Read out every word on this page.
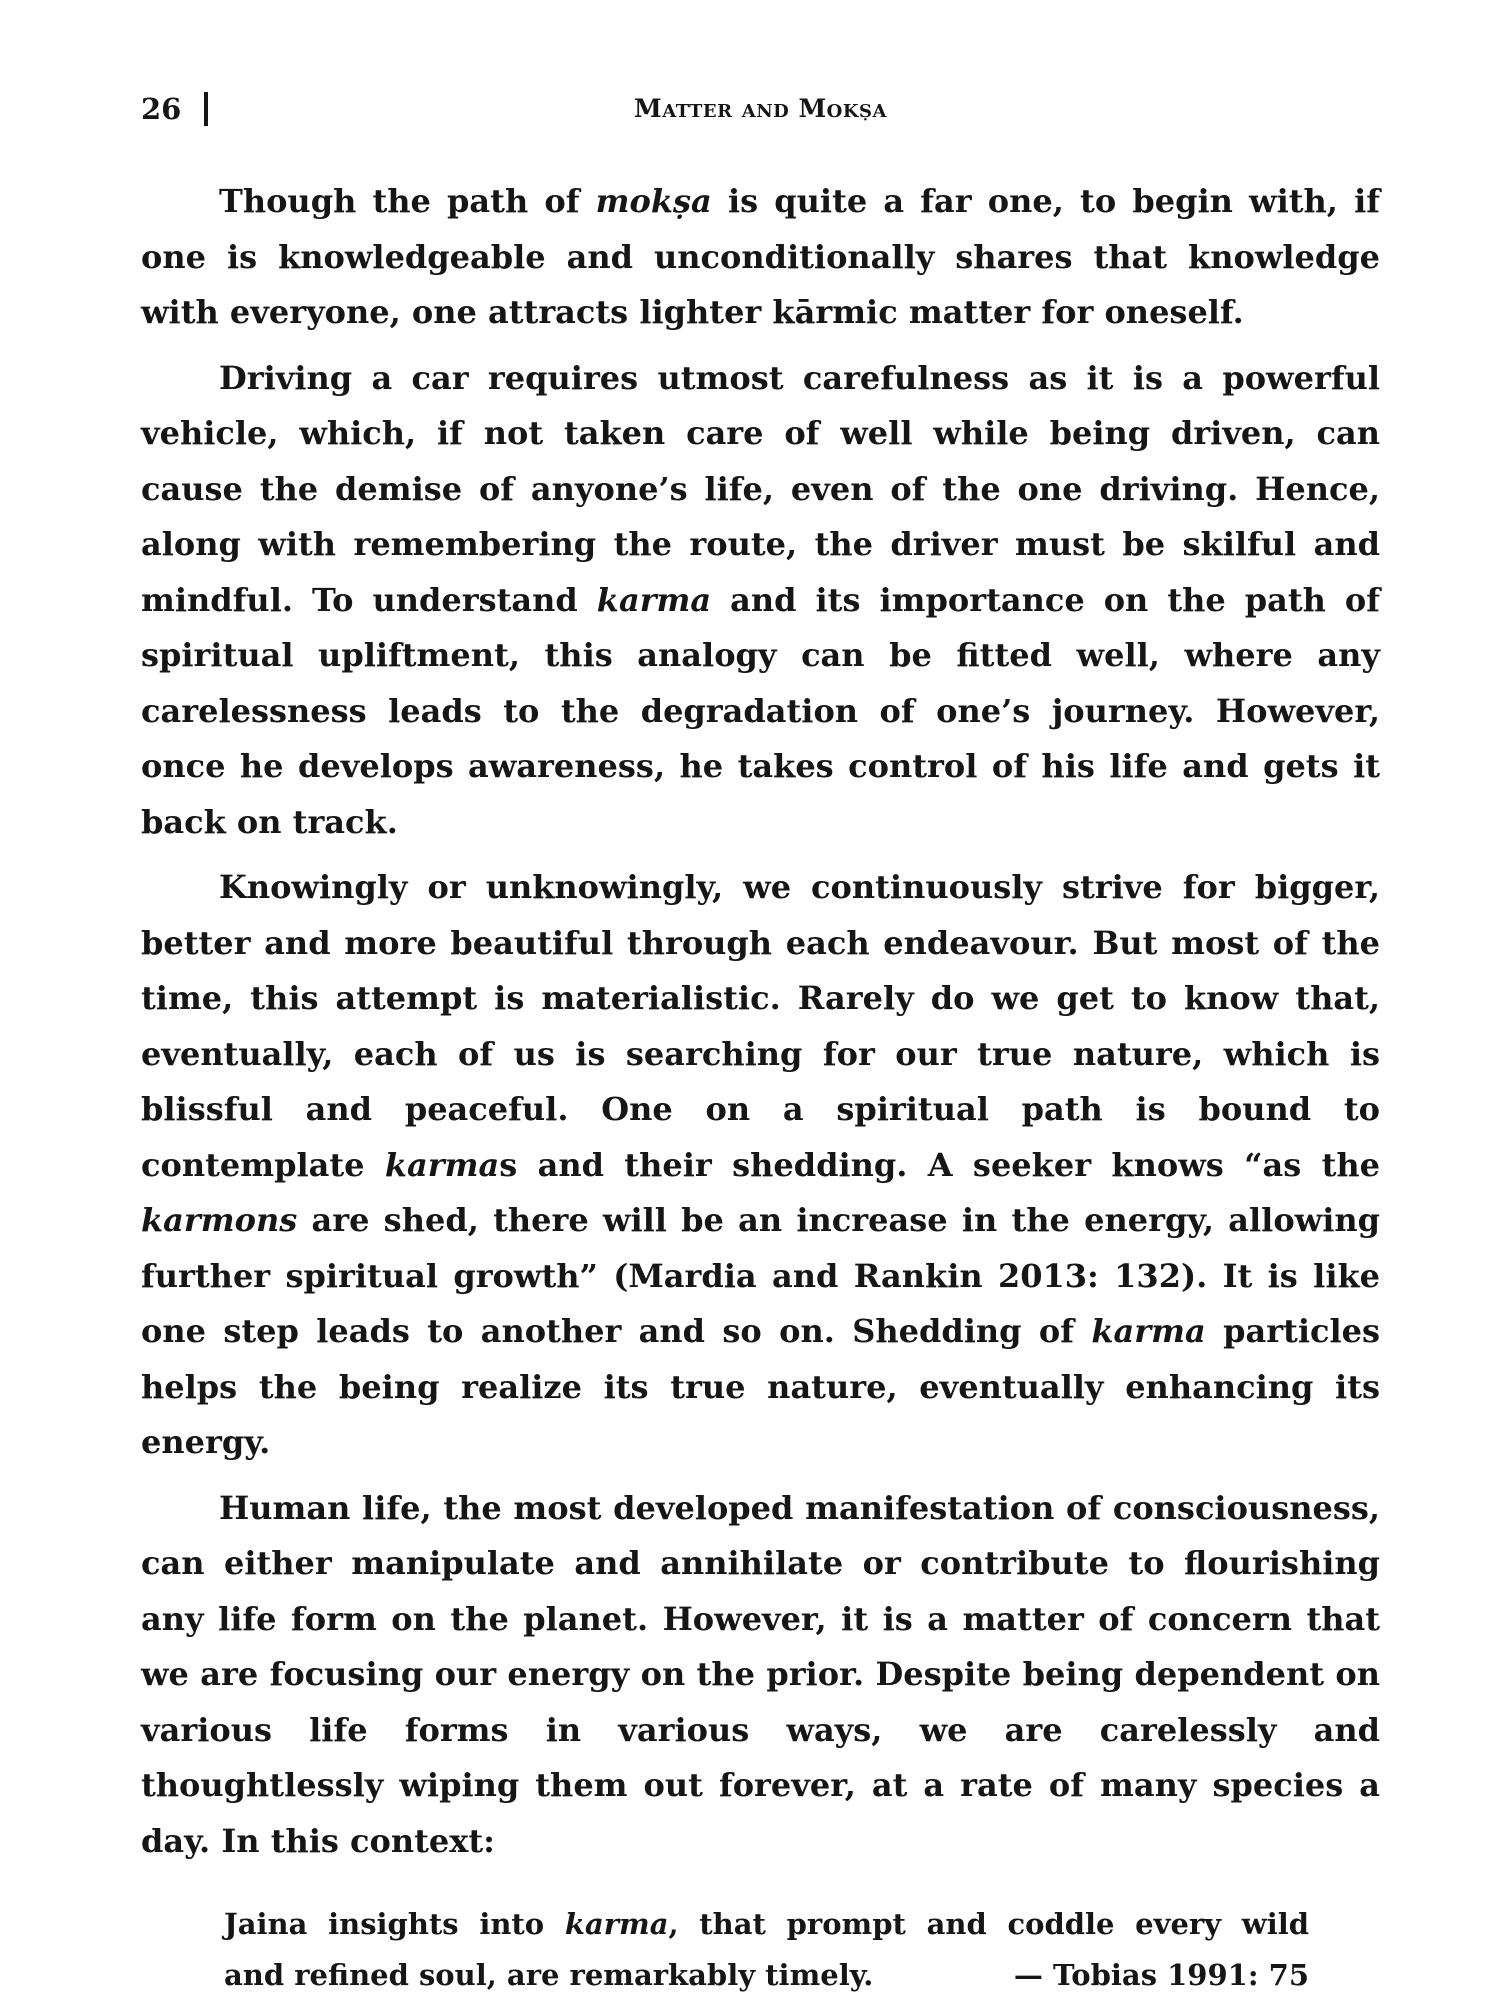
26	Matter and Mokṣa

Though the path of mokṣa is quite a far one, to begin with, if one is knowledgeable and unconditionally shares that knowledge with everyone, one attracts lighter kārmic matter for oneself.

Driving a car requires utmost carefulness as it is a powerful vehicle, which, if not taken care of well while being driven, can cause the demise of anyone’s life, even of the one driving. Hence, along with remembering the route, the driver must be skilful and mindful. To understand karma and its importance on the path of spiritual upliftment, this analogy can be fitted well, where any carelessness leads to the degradation of one’s journey. However, once he develops awareness, he takes control of his life and gets it back on track.

Knowingly or unknowingly, we continuously strive for bigger, better and more beautiful through each endeavour. But most of the time, this attempt is materialistic. Rarely do we get to know that, eventually, each of us is searching for our true nature, which is blissful and peaceful. One on a spiritual path is bound to contemplate karmas and their shedding. A seeker knows “as the karmons are shed, there will be an increase in the energy, allowing further spiritual growth” (Mardia and Rankin 2013: 132). It is like one step leads to another and so on. Shedding of karma particles helps the being realize its true nature, eventually enhancing its energy.

Human life, the most developed manifestation of consciousness, can either manipulate and annihilate or contribute to flourishing any life form on the planet. However, it is a matter of concern that we are focusing our energy on the prior. Despite being dependent on various life forms in various ways, we are carelessly and thoughtlessly wiping them out forever, at a rate of many species a day. In this context:

Jaina insights into karma, that prompt and coddle every wild
and refined soul, are remarkably timely.	— Tobias 1991: 75
